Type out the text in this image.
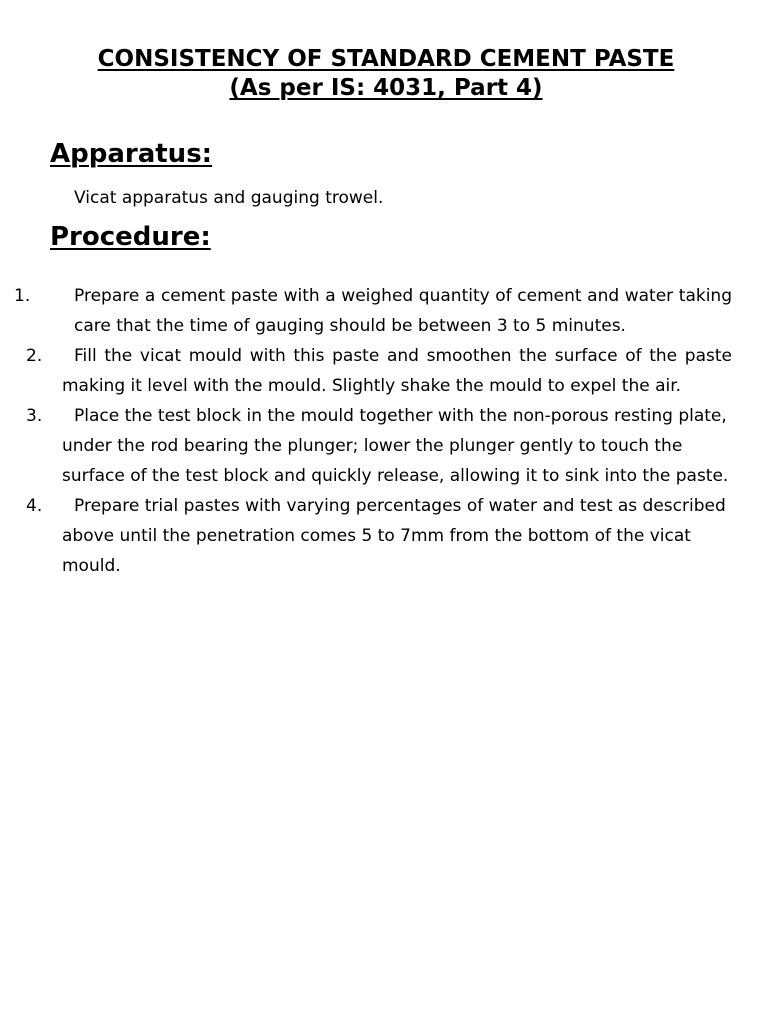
CONSISTENCY OF STANDARD CEMENT PASTE
(As per IS: 4031, Part 4)
Apparatus:

Vicat apparatus and gauging trowel.

Procedure:

1.	Prepare a cement paste with a weighed quantity of cement and water taking care that the time of gauging should be between 3 to 5 minutes.

2. Fill the vicat mould with this paste and smoothen the surface of the paste making it level with the mould. Slightly shake the mould to expel the air.

3. Place the test block in the mould together with the non-porous resting plate, under the rod bearing the plunger; lower the plunger gently to touch the surface of the test block and quickly release, allowing it to sink into the paste.

4. Prepare trial pastes with varying percentages of water and test as described above until the penetration comes 5 to 7mm from the bottom of the vicat mould.
